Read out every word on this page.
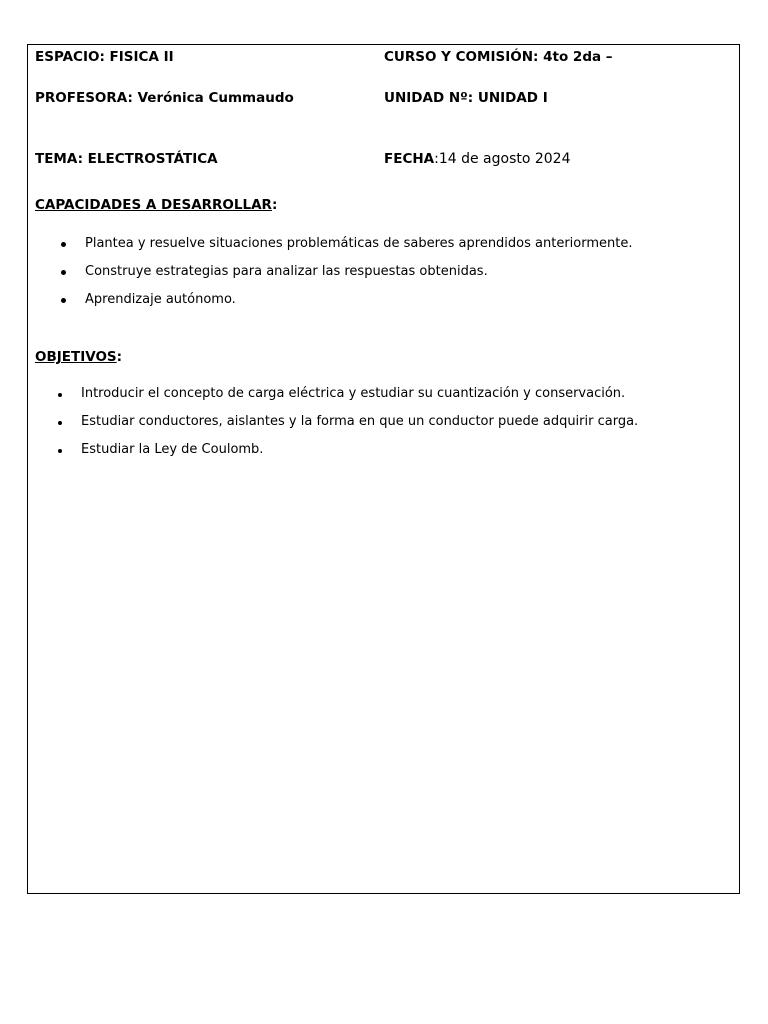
ESPACIO: FISICA II	CURSO Y COMISIÓN: 4to 2da –
PROFESORA: Verónica Cummaudo	UNIDAD Nº: UNIDAD I
TEMA: ELECTROSTÁTICA	FECHA:14 de agosto 2024
CAPACIDADES A DESARROLLAR:
Plantea y resuelve situaciones problemáticas de saberes aprendidos anteriormente.
Construye estrategias para analizar las respuestas obtenidas.
Aprendizaje autónomo.
OBJETIVOS:
Introducir el concepto de carga eléctrica y estudiar su cuantización y conservación.
Estudiar conductores, aislantes y la forma en que un conductor puede adquirir carga.
Estudiar la Ley de Coulomb.
